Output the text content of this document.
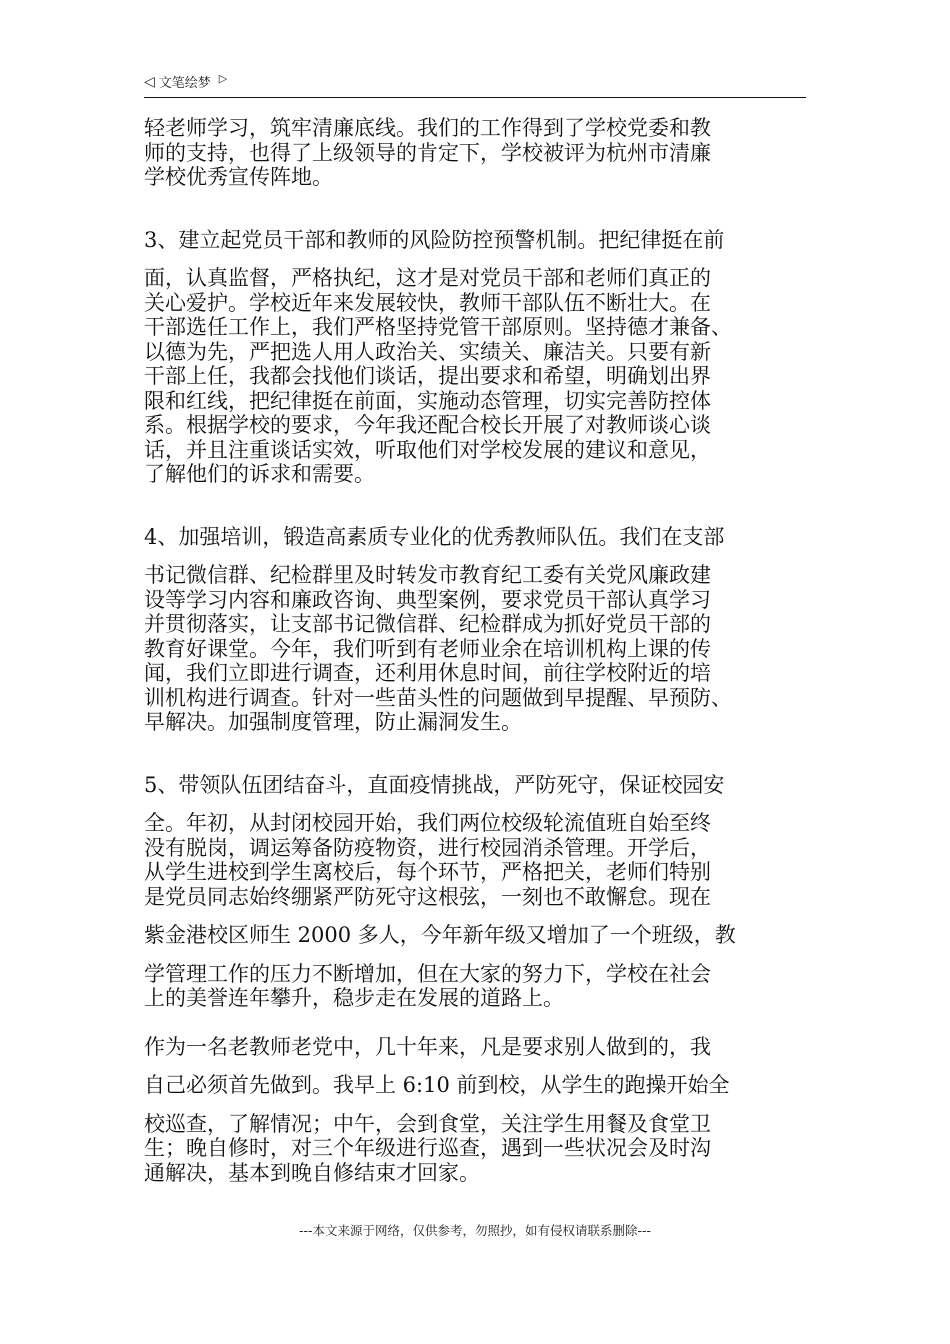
◁ 文笔绘梦 ▷

轻老师学习，筑牢清廉底线。我们的工作得到了学校党委和教

师的支持，也得了上级领导的肯定下，学校被评为杭州市清廉

学校优秀宣传阵地。

3、建立起党员干部和教师的风险防控预警机制。把纪律挺在前

面，认真监督，严格执纪，这才是对党员干部和老师们真正的

关心爱护。学校近年来发展较快，教师干部队伍不断壮大。在

干部选任工作上，我们严格坚持党管干部原则。坚持德才兼备、

以德为先，严把选人用人政治关、实绩关、廉洁关。只要有新

干部上任，我都会找他们谈话，提出要求和希望，明确划出界

限和红线，把纪律挺在前面，实施动态管理，切实完善防控体

系。根据学校的要求，今年我还配合校长开展了对教师谈心谈

话，并且注重谈话实效，听取他们对学校发展的建议和意见，

了解他们的诉求和需要。

4、加强培训，锻造高素质专业化的优秀教师队伍。我们在支部

书记微信群、纪检群里及时转发市教育纪工委有关党风廉政建

设等学习内容和廉政咨询、典型案例，要求党员干部认真学习

并贯彻落实，让支部书记微信群、纪检群成为抓好党员干部的

教育好课堂。今年，我们听到有老师业余在培训机构上课的传

闻，我们立即进行调查，还利用休息时间，前往学校附近的培

训机构进行调查。针对一些苗头性的问题做到早提醒、早预防、

早解决。加强制度管理，防止漏洞发生。

5、带领队伍团结奋斗，直面疫情挑战，严防死守，保证校园安

全。年初，从封闭校园开始，我们两位校级轮流值班自始至终

没有脱岗，调运筹备防疫物资，进行校园消杀管理。开学后，

从学生进校到学生离校后，每个环节，严格把关，老师们特别

是党员同志始终绷紧严防死守这根弦，一刻也不敢懈怠。现在

紫金港校区师生 2000 多人，今年新年级又增加了一个班级，教

学管理工作的压力不断增加，但在大家的努力下，学校在社会

上的美誉连年攀升，稳步走在发展的道路上。

作为一名老教师老党中，几十年来，凡是要求别人做到的，我

自己必须首先做到。我早上 6:10 前到校，从学生的跑操开始全

校巡查，了解情况；中午，会到食堂，关注学生用餐及食堂卫

生；晚自修时，对三个年级进行巡查，遇到一些状况会及时沟

通解决，基本到晚自修结束才回家。

---本文来源于网络，仅供参考，勿照抄，如有侵权请联系删除---
